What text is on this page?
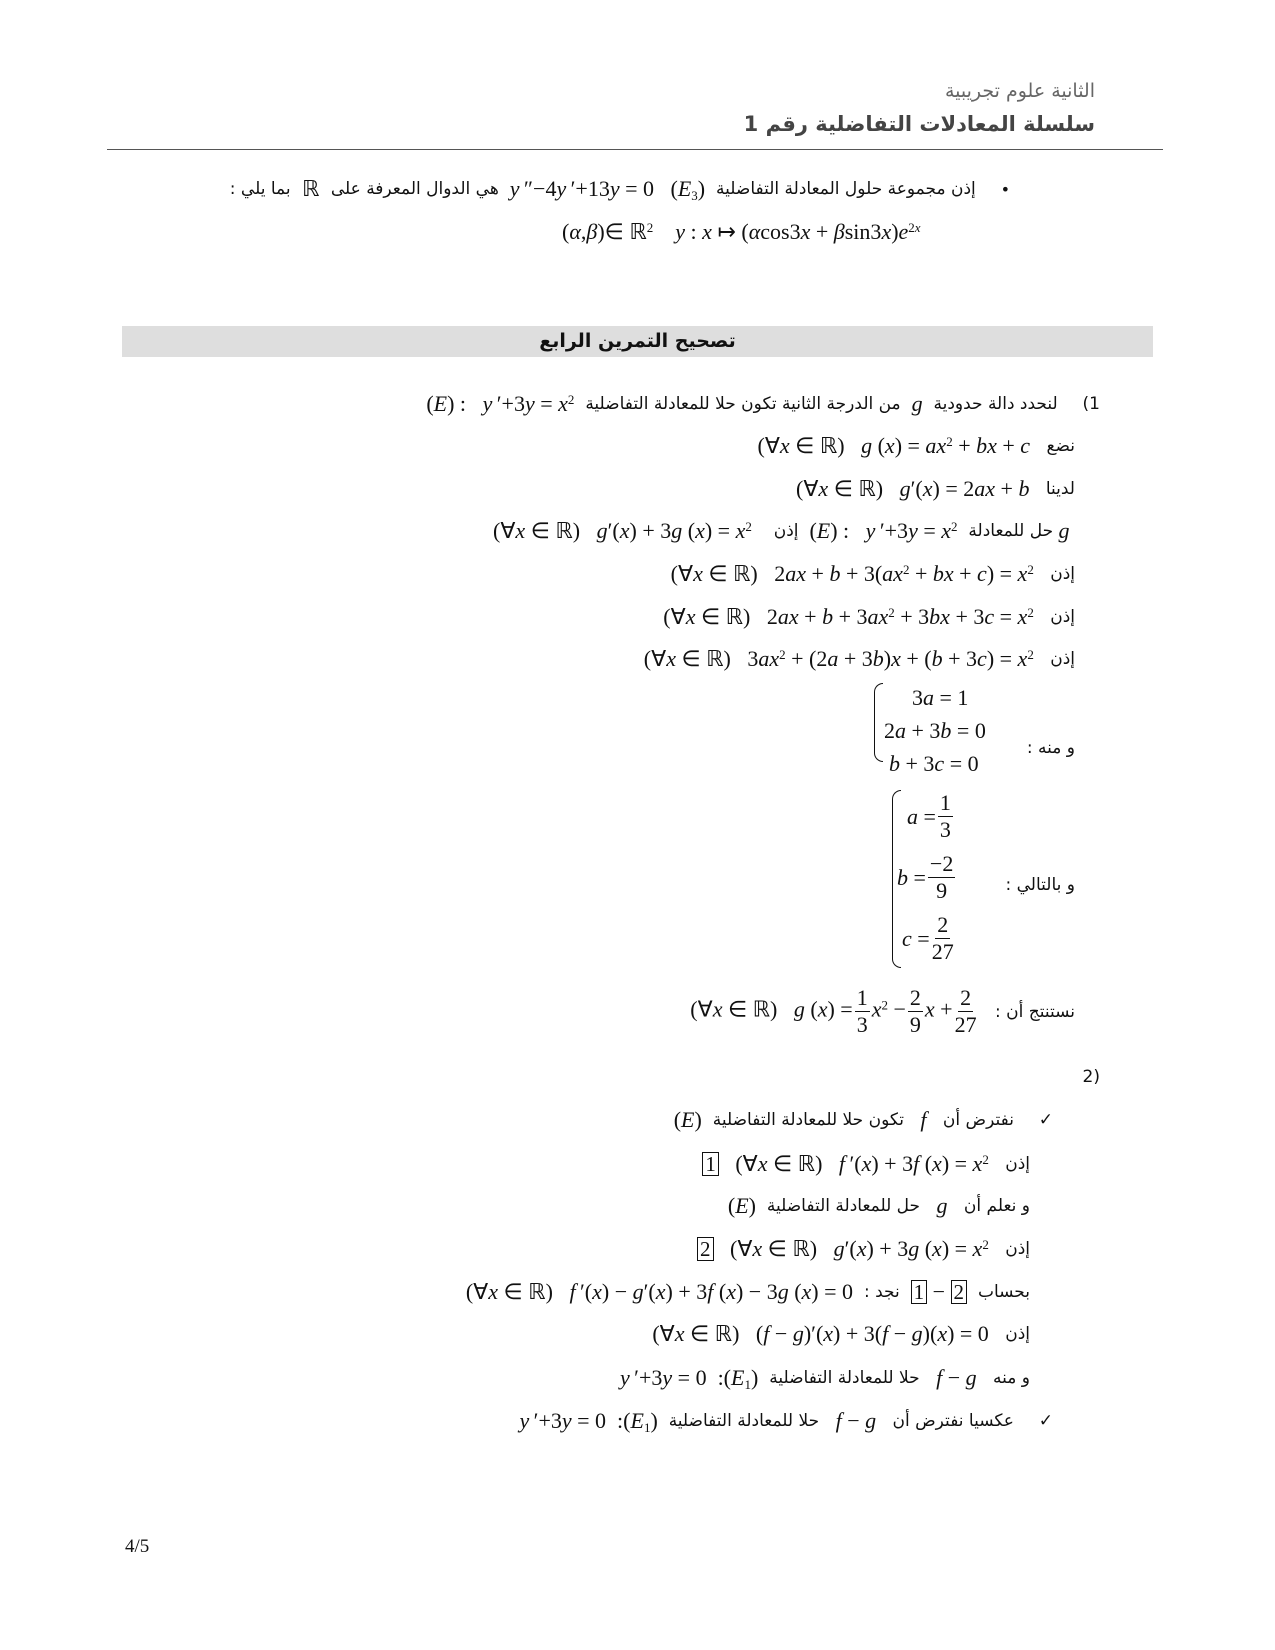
الثانية علوم تجريبية
سلسلة المعادلات التفاضلية رقم 1
•  إذن مجموعة حلول المعادلة التفاضلية  y ″−4y ′+13y = 0   $(E_3)$  هي الدوال المعرفة على ℝ بما يلي :
(α,β)∈ ℝ$^2$ y : x ↦ $(\alpha\cos 3x + \beta\sin 3x)e^{2x}$
تصحيح التمرين الرابع
1)  لنحدد دالة حدودية  g  من الدرجة الثانية تكون حلا للمعادلة التفاضلية  (E) :   y $'+3y = x^2$
نضع  (∀x ∈ ℝ)   g $(x) = ax^2$ + bx + c
لدينا  (∀x ∈ ℝ)   g′(x) = 2ax + b
g  حل للمعادلة  (E) :   y $'+3y = x^2$  إذن   (∀x ∈ ℝ)   g′(x) + 3g $(x) = x^2$
إذن   (∀x ∈ ℝ)   $2ax + b + 3(ax^2$ + bx + $c) = x^2$
إذن   (∀x ∈ ℝ)   $2ax + b + 3ax^2 + 3bx + 3c = x^2$
إذن   (∀x ∈ ℝ)   $3ax^2 + (2a + 3b)x + (b + 3c) = x^2$
و منه :
3a = 1
2a + 3b = 0
b + 3c = 0
و بالتالي :
$a = \frac{1}{3}$
$b = \frac{-2}{9}$
$c = \frac{2}{27}$
نستنتج أن :   (∀x ∈ ℝ)   g $(x) = \frac{1}{3} x^2 - \frac{2}{9}$ $x + \frac{2}{27}$

(2
✓  نفترض أن   f   تكون حلا للمعادلة التفاضلية  (E)
إذن   1   (∀x ∈ ℝ)   f ′(x) + 3f $(x) = x^2$
و نعلم أن   g   حل للمعادلة التفاضلية  (E)
إذن   2   (∀x ∈ ℝ)   g′(x) + 3g $(x) = x^2$
بحساب  1 − 2  نجد :   (∀x ∈ ℝ)   f ′(x) − g′(x) + 3f (x) − 3g (x) = 0
إذن   (∀x ∈ ℝ)   (f − g)′(x) + 3(f − g)(x) = 0
و منه   f − g   حلا للمعادلة التفاضلية   y ′+3y = 0  $:(E_1)$
✓  عكسيا نفترض أن   f − g   حلا للمعادلة التفاضلية   y ′+3y = 0  $:(E_1)$
4/5
